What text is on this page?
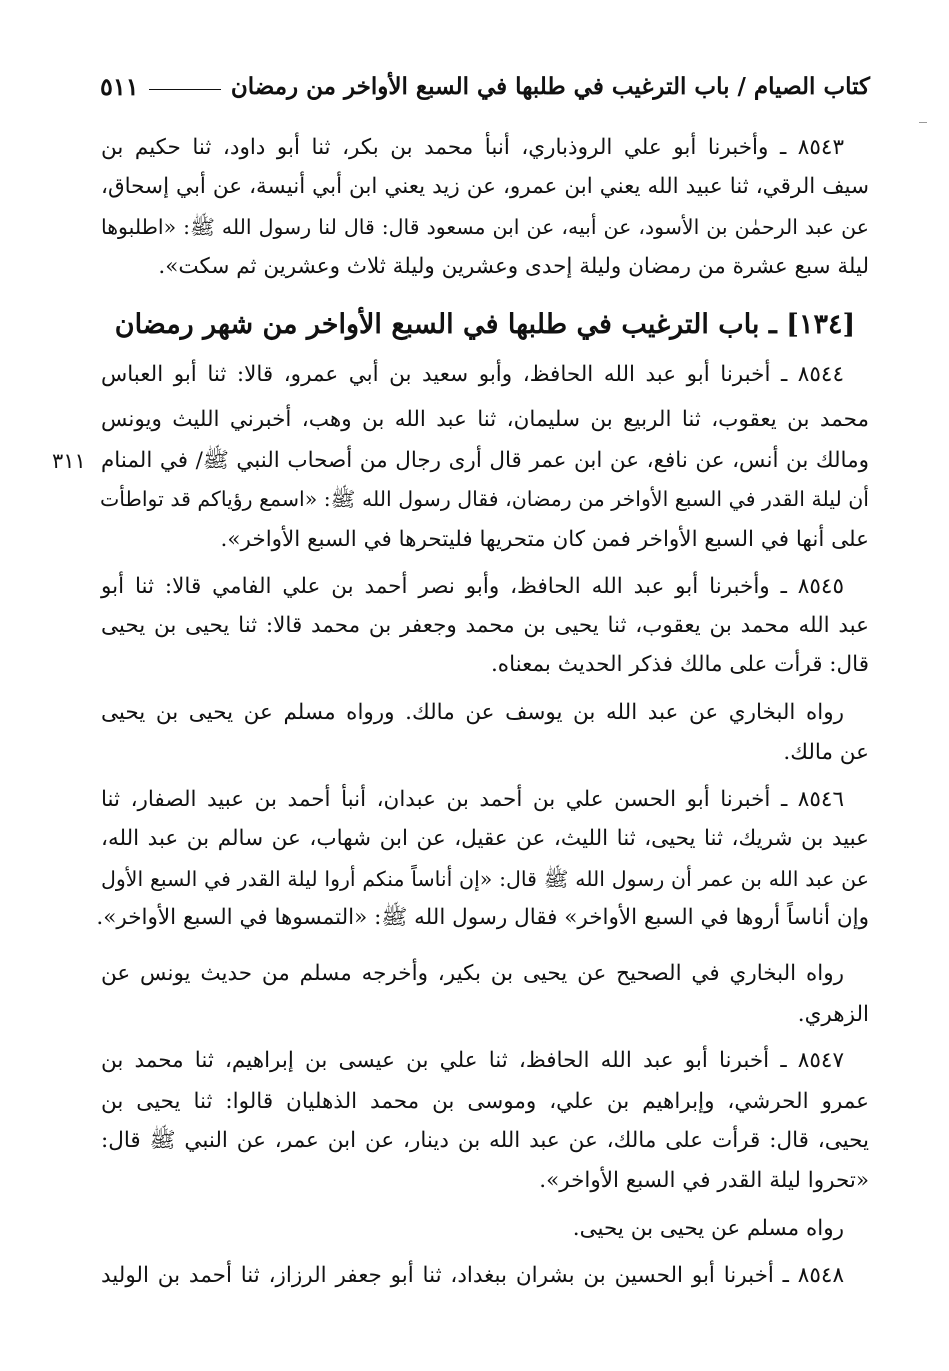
كتاب الصيام / باب الترغيب في طلبها في السبع الأواخر من رمضان
٥١١
٨٥٤٣ ـ وأخبرنا أبو علي الروذباري، أنبأ محمد بن بكر، ثنا أبو داود، ثنا حكيم بن
سيف الرقي، ثنا عبيد الله يعني ابن عمرو، عن زيد يعني ابن أبي أنيسة، عن أبي إسحاق،
عن عبد الرحمٰن بن الأسود، عن أبيه، عن ابن مسعود قال: قال لنا رسول الله ﷺ: «اطلبوها
ليلة سبع عشرة من رمضان وليلة إحدى وعشرين وليلة ثلاث وعشرين ثم سكت».
[١٣٤] ـ باب الترغيب في طلبها في السبع الأواخر من شهر رمضان
٨٥٤٤ ـ أخبرنا أبو عبد الله الحافظ، وأبو سعيد بن أبي عمرو، قالا: ثنا أبو العباس
محمد بن يعقوب، ثنا الربيع بن سليمان، ثنا عبد الله بن وهب، أخبرني الليث ويونس
ومالك بن أنس، عن نافع، عن ابن عمر قال أرى رجال من أصحاب النبي ﷺ/ في المنام
٣١١
أن ليلة القدر في السبع الأواخر من رمضان، فقال رسول الله ﷺ: «اسمع رؤياكم قد تواطأت
على أنها في السبع الأواخر فمن كان متحريها فليتحرها في السبع الأواخر».
٨٥٤٥ ـ وأخبرنا أبو عبد الله الحافظ، وأبو نصر أحمد بن علي الفامي قالا: ثنا أبو
عبد الله محمد بن يعقوب، ثنا يحيى بن محمد وجعفر بن محمد قالا: ثنا يحيى بن يحيى
قال: قرأت على مالك فذكر الحديث بمعناه.
رواه البخاري عن عبد الله بن يوسف عن مالك. ورواه مسلم عن يحيى بن يحيى
عن مالك.
٨٥٤٦ ـ أخبرنا أبو الحسن علي بن أحمد بن عبدان، أنبأ أحمد بن عبيد الصفار، ثنا
عبيد بن شريك، ثنا يحيى، ثنا الليث، عن عقيل، عن ابن شهاب، عن سالم بن عبد الله،
عن عبد الله بن عمر أن رسول الله ﷺ قال: «إن أناساً منكم أروا ليلة القدر في السبع الأول
وإن أناساً أروها في السبع الأواخر» فقال رسول الله ﷺ: «التمسوها في السبع الأواخر».
رواه البخاري في الصحيح عن يحيى بن بكير، وأخرجه مسلم من حديث يونس عن
الزهري.
٨٥٤٧ ـ أخبرنا أبو عبد الله الحافظ، ثنا علي بن عيسى بن إبراهيم، ثنا محمد بن
عمرو الحرشي، وإبراهيم بن علي، وموسى بن محمد الذهليان قالوا: ثنا يحيى بن
يحيى، قال: قرأت على مالك، عن عبد الله بن دينار، عن ابن عمر، عن النبي ﷺ قال:
«تحروا ليلة القدر في السبع الأواخر».
رواه مسلم عن يحيى بن يحيى.
٨٥٤٨ ـ أخبرنا أبو الحسين بن بشران ببغداد، ثنا أبو جعفر الرزاز، ثنا أحمد بن الوليد
